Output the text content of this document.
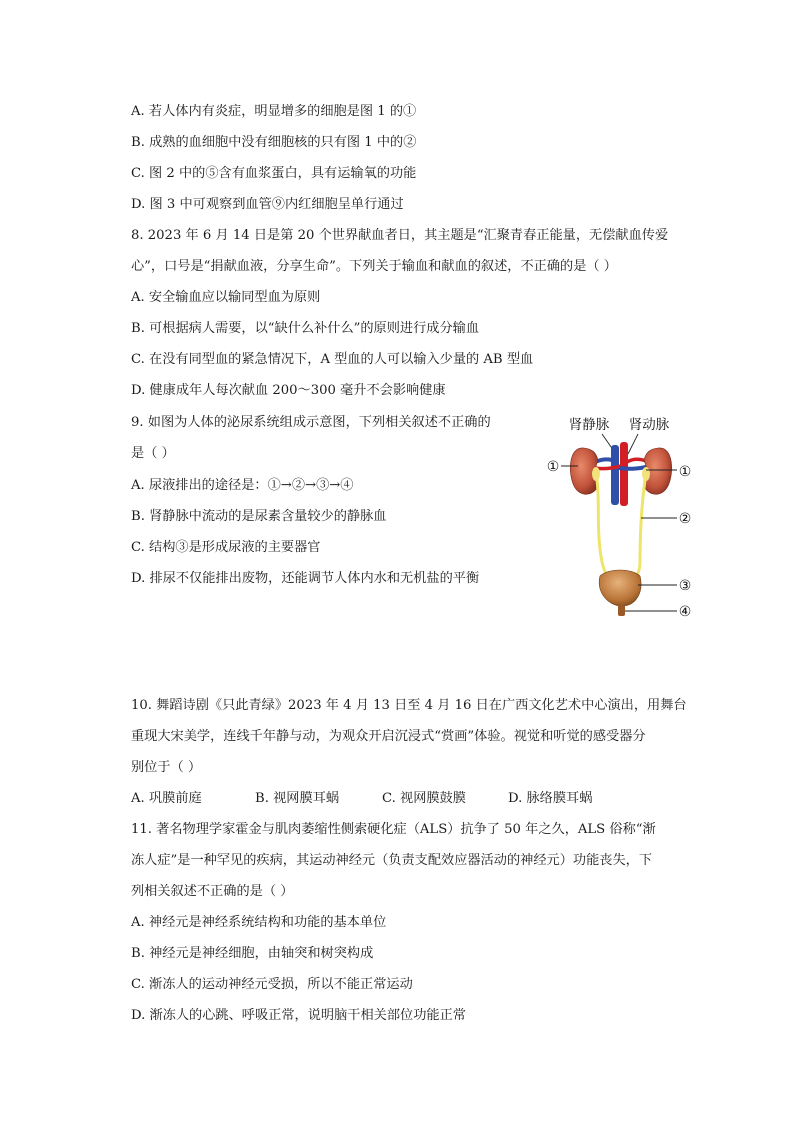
A. 若人体内有炎症，明显增多的细胞是图 1 的①
B. 成熟的血细胞中没有细胞核的只有图 1 中的②
C. 图 2 中的⑤含有血浆蛋白，具有运输氧的功能
D. 图 3 中可观察到血管⑨内红细胞呈单行通过
8. 2023 年 6 月 14 日是第 20 个世界献血者日，其主题是“汇聚青春正能量，无偿献血传爱
心”，口号是“捐献血液，分享生命”。下列关于输血和献血的叙述，不正确的是（ ）
A. 安全输血应以输同型血为原则
B. 可根据病人需要，以“缺什么补什么”的原则进行成分输血
C. 在没有同型血的紧急情况下，A 型血的人可以输入少量的 AB 型血
D. 健康成年人每次献血 200～300 毫升不会影响健康
9. 如图为人体的泌尿系统组成示意图，下列相关叙述不正确的
是（ ）
A. 尿液排出的途径是：①→②→③→④
B. 肾静脉中流动的是尿素含量较少的静脉血
C. 结构③是形成尿液的主要器官
D. 排尿不仅能排出废物，还能调节人体内水和无机盐的平衡
肾静脉 肾动脉
①	①
②
③
④
10. 舞蹈诗剧《只此青绿》2023 年 4 月 13 日至 4 月 16 日在广西文化艺术中心演出，用舞台
重现大宋美学，连线千年静与动，为观众开启沉浸式“赏画”体验。视觉和听觉的感受器分
别位于（ ）
A. 巩膜前庭	B. 视网膜耳蜗	C. 视网膜鼓膜	D. 脉络膜耳蜗
11. 著名物理学家霍金与肌肉萎缩性侧索硬化症（ALS）抗争了 50 年之久，ALS 俗称“渐
冻人症”是一种罕见的疾病，其运动神经元（负责支配效应器活动的神经元）功能丧失，下
列相关叙述不正确的是（ ）
A. 神经元是神经系统结构和功能的基本单位
B. 神经元是神经细胞，由轴突和树突构成
C. 渐冻人的运动神经元受损，所以不能正常运动
D. 渐冻人的心跳、呼吸正常，说明脑干相关部位功能正常
